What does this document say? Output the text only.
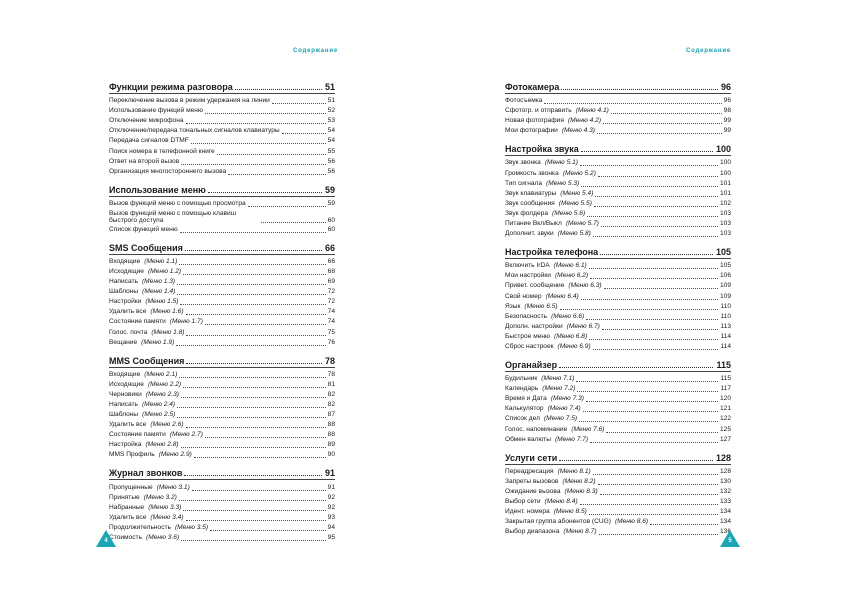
Содержание
Функции режима разговора	51
Переключение вызова в режим удержания на линии	51
Использование функций меню	52
Отключение микрофона	53
Отключение/передача тональных сигналов клавиатуры	54
Передача сигналов DTMF	54
Поиск номера в телефонной книге	55
Ответ на второй вызов	56
Организация многостороннего вызова	56
Использование меню	59
Вызов функций меню с помощью просмотра	59
Вызов функций меню с помощью клавиш быстрого доступа	60
Список функций меню	60
SMS Сообщения	66
Входящие (Меню 1.1)	66
Исходящие (Меню 1.2)	68
Написать (Меню 1.3)	69
Шаблоны (Меню 1.4)	72
Настройки (Меню 1.5)	72
Удалить все (Меню 1.6)	74
Состояние памяти (Меню 1.7)	74
Голос. почта (Меню 1.8)	75
Вещание (Меню 1.9)	76
MMS Сообщения	78
Входящие (Меню 2.1)	78
Исходящие (Меню 2.2)	81
Черновики (Меню 2.3)	82
Написать (Меню 2.4)	82
Шаблоны (Меню 2.5)	87
Удалить все (Меню 2.6)	88
Состояние памяти (Меню 2.7)	88
Настройка (Меню 2.8)	89
MMS Профиль (Меню 2.9)	90
Журнал звонков	91
Пропущенные (Меню 3.1)	91
Принятые (Меню 3.2)	92
Набранные (Меню 3.3)	92
Удалить все (Меню 3.4)	93
Продолжительность (Меню 3.5)	94
Стоимость (Меню 3.6)	95
4
Содержание
Фотокамера	96
Фотосъемка	96
Сфотогр. и отправить (Меню 4.1)	98
Новая фотография (Меню 4.2)	99
Мои фотографии (Меню 4.3)	99
Настройка звука	100
Звук звонка (Меню 5.1)	100
Громкость звонка (Меню 5.2)	100
Тип сигнала (Меню 5.3)	101
Звук клавиатуры (Меню 5.4)	101
Звук сообщения (Меню 5.5)	102
Звук фолдера (Меню 5.6)	103
Питание Вкл/Выкл (Меню 5.7)	103
Дополнит. звуки (Меню 5.8)	103
Настройка телефона	105
Включить IrDA (Меню 6.1)	105
Мои настройки (Меню 6.2)	106
Привет. сообщение (Меню 6.3)	109
Свой номер (Меню 6.4)	109
Язык (Меню 6.5)	110
Безопасность (Меню 6.6)	110
Дополн. настройки (Меню 6.7)	113
Быстрое меню (Меню 6.8)	114
Сброс настроек (Меню 6.9)	114
Органайзер	115
Будильник (Меню 7.1)	115
Календарь (Меню 7.2)	117
Время и Дата (Меню 7.3)	120
Калькулятор (Меню 7.4)	121
Список дел (Меню 7.5)	122
Голос. напоминание (Меню 7.6)	125
Обмен валюты (Меню 7.7)	127
Услуги сети	128
Переадресация (Меню 8.1)	128
Запреты вызовов (Меню 8.2)	130
Ожидание вызова (Меню 8.3)	132
Выбор сети (Меню 8.4)	133
Идент. номера (Меню 8.5)	134
Закрытая группа абонентов (CUG) (Меню 8.6)	134
Выбор диапазона (Меню 8.7)	136
5
